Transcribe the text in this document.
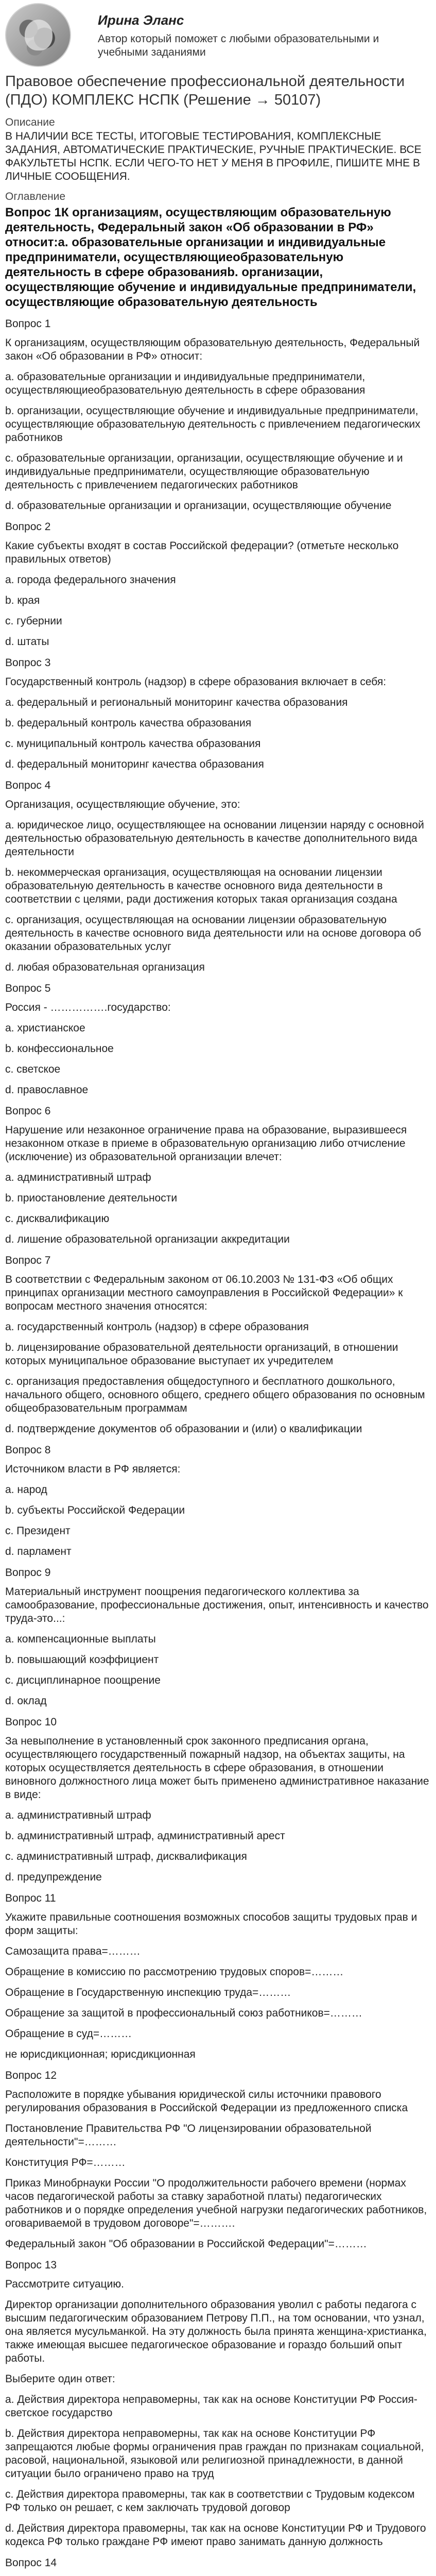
Ирина Эланс
Автор который поможет с любыми образовательными и учебными заданиями
Правовое обеспечение профессиональной деятельности (ПДО) КОМПЛЕКС НСПК (Решение → 50107)
Описание
В НАЛИЧИИ ВСЕ ТЕСТЫ, ИТОГОВЫЕ ТЕСТИРОВАНИЯ, КОМПЛЕКСНЫЕ ЗАДАНИЯ, АВТОМАТИЧЕСКИЕ ПРАКТИЧЕСКИЕ, РУЧНЫЕ ПРАКТИЧЕСКИЕ. ВСЕ ФАКУЛЬТЕТЫ НСПК. ЕСЛИ ЧЕГО-ТО НЕТ У МЕНЯ В ПРОФИЛЕ, ПИШИТЕ МНЕ В ЛИЧНЫЕ СООБЩЕНИЯ.
Оглавление
Вопрос 1К организациям, осуществляющим образовательную деятельность, Федеральный закон «Об образовании в РФ» относит:a. образовательные организации и индивидуальные предприниматели, осуществляющиеобразовательную деятельность в сфере образованияb. организации, осуществляющие обучение и индивидуальные предприниматели, осуществляющие образовательную деятельность
Вопрос 1
К организациям, осуществляющим образовательную деятельность, Федеральный закон «Об образовании в РФ» относит:
a. образовательные организации и индивидуальные предприниматели, осуществляющиеобразовательную деятельность в сфере образования
b. организации, осуществляющие обучение и индивидуальные предприниматели, осуществляющие образовательную деятельность с привлечением педагогических работников
c. образовательные организации, организации, осуществляющие обучение и и индивидуальные предприниматели, осуществляющие образовательную деятельность с привлечением педагогических работников
d. образовательные организации и организации, осуществляющие обучение
Вопрос 2
Какие субъекты входят в состав Российской федерации? (отметьте несколько правильных ответов)
a. города федерального значения
b. края
c. губернии
d. штаты
Вопрос 3
Государственный контроль (надзор) в сфере образования включает в себя:
a. федеральный и региональный мониторинг качества образования
b. федеральный контроль качества образования
c. муниципальный контроль качества образования
d. федеральный мониторинг качества образования
Вопрос 4
Организация, осуществляющие обучение, это:
a. юридическое лицо, осуществляющее на основании лицензии наряду с основной деятельностью образовательную деятельность в качестве дополнительного вида деятельности
b. некоммерческая организация, осуществляющая на основании лицензии образовательную деятельность в качестве основного вида деятельности в соответствии с целями, ради достижения которых такая организация создана
c. организация, осуществляющая на основании лицензии образовательную деятельность в качестве основного вида деятельности или на основе договора об оказании образовательных услуг
d. любая образовательная организация
Вопрос 5
Россия - …………….государство:
a. христианское
b. конфессиональное
c. светское
d. православное
Вопрос 6
Нарушение или незаконное ограничение права на образование, выразившееся незаконном отказе в приеме в образовательную организацию либо отчисление (исключение) из образовательной организации влечет:
a. административный штраф
b. приостановление деятельности
c. дисквалификацию
d. лишение образовательной организации аккредитации
Вопрос 7
В соответствии с Федеральным законом от 06.10.2003 № 131-ФЗ «Об общих принципах организации местного самоуправления в Российской Федерации» к вопросам местного значения относятся:
a. государственный контроль (надзор) в сфере образования
b. лицензирование образовательной деятельности организаций, в отношении которых муниципальное образование выступает их учредителем
c. организация предоставления общедоступного и бесплатного дошкольного, начального общего, основного общего, среднего общего образования по основным общеобразовательным программам
d. подтверждение документов об образовании и (или) о квалификации
Вопрос 8
Источником власти в РФ является:
a. народ
b. субъекты Российской Федерации
c. Президент
d. парламент
Вопрос 9
Материальный инструмент поощрения педагогического коллектива за самообразование, профессиональные достижения, опыт, интенсивность и качество труда-это...:
a. компенсационные выплаты
b. повышающий коэффициент
c. дисциплинарное поощрение
d. оклад
Вопрос 10
За невыполнение в установленный срок законного предписания органа, осуществляющего государственный пожарный надзор, на объектах защиты, на которых осуществляется деятельность в сфере образования, в отношении виновного должностного лица может быть применено административное наказание в виде:
a. административный штраф
b. административный штраф, административный арест
c. административный штраф, дисквалификация
d. предупреждение
Вопрос 11
Укажите правильные соотношения возможных способов защиты трудовых прав и форм защиты:
Самозащита права=………
Обращение в комиссию по рассмотрению трудовых споров=………
Обращение в Государственную инспекцию труда=………
Обращение за защитой в профессиональный союз работников=………
Обращение в суд=………
не юрисдикционная; юрисдикционная
Вопрос 12
Расположите в порядке убывания юридической силы источники правового регулирования образования в Российской Федерации из предложенного списка
Постановление Правительства РФ "О лицензировании образовательной деятельности"=………
Конституция РФ=………
Приказ Минобрнауки России "О продолжительности рабочего времени (нормах часов педагогической работы за ставку заработной платы) педагогических работников и о порядке определения учебной нагрузки педагогических работников, оговариваемой в трудовом договоре"=……….
Федеральный закон "Об образовании в Российской Федерации"=………
Вопрос 13
Рассмотрите ситуацию.
Директор организации дополнительного образования уволил с работы педагога с высшим педагогическим образованием Петрову П.П., на том основании, что узнал, она является мусульманкой. На эту должность была принята женщина-христианка, также имеющая высшее педагогическое образование и гораздо больший опыт работы.
Выберите один ответ:
a. Действия директора неправомерны, так как на основе Конституции РФ Россия-светское государство
b. Действия директора неправомерны, так как на основе Конституции РФ запрещаются любые формы ограничения прав граждан по признакам социальной, расовой, национальной, языковой или религиозной принадлежности, в данной ситуации было ограничено право на труд
c. Действия директора правомерны, так как в соответствии с Трудовым кодексом РФ только он решает, с кем заключать трудовой договор
d. Действия директора правомерны, так как на основе Конституции РФ и Трудового кодекса РФ только граждане РФ имеют право занимать данную должность
Вопрос 14
